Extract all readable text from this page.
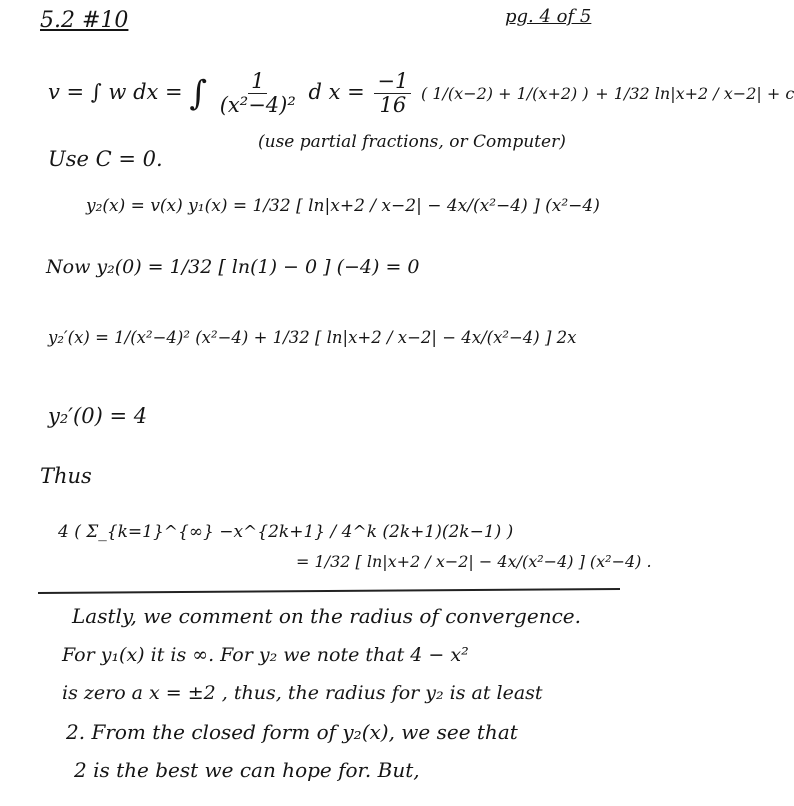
5.2 #10	pg. 4 of 5
v = ∫ w dx = ∫ $\frac{1}{\text{(x²−4)²}}$ d $x = \frac{-1}{16}$ ( 1/(x−2) + 1/(x+2) ) + 1/32 ln|x+2 / x−2| + c
(use partial fractions, or Computer)
Use C = 0.
y₂(x) = v(x) y₁(x) = 1/32 [ ln|x+2 / x−2| − 4x/(x²−4) ] (x²−4)
Now y₂(0) = 1/32 [ ln(1) − 0 ] (−4) = 0
y₂′(x) = 1/(x²−4)² (x²−4) + 1/32 [ ln|x+2 / x−2| − 4x/(x²−4) ] 2x
y₂′(0) = 4
Thus
4 ( Σ_{k=1}^{∞} −x^{2k+1} / 4^k (2k+1)(2k−1) )
= 1/32 [ ln|x+2 / x−2| − 4x/(x²−4) ] (x²−4) .
Lastly, we comment on the radius of convergence.
For y₁(x) it is ∞. For y₂ we note that 4 − x²
is zero a x = ±2 , thus, the radius for y₂ is at least
2. From the closed form of y₂(x), we see that
2 is the best we can hope for. But,
